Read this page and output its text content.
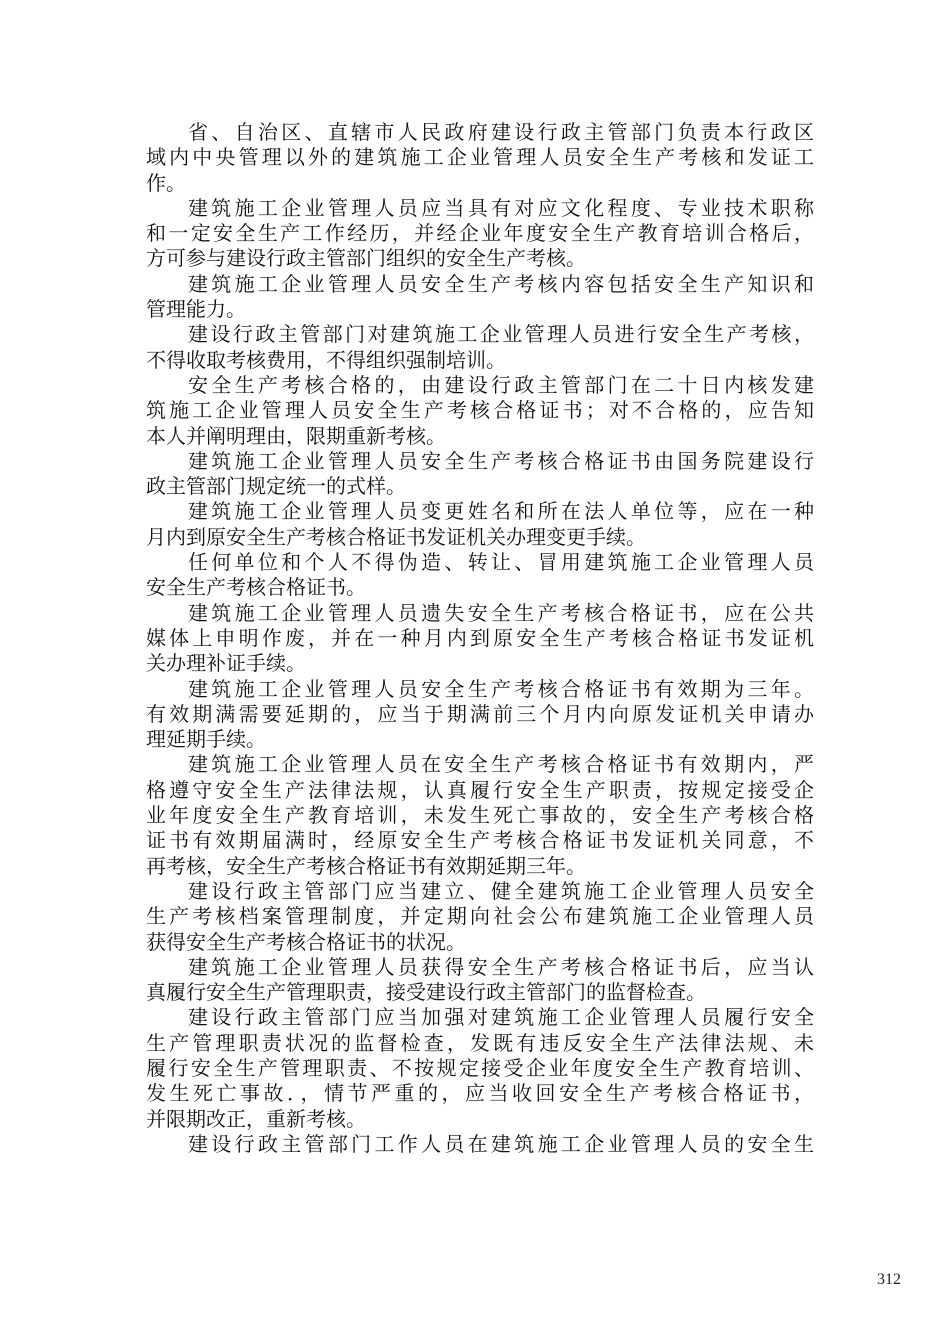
省、自治区、直辖市人民政府建设行政主管部门负责本行政区
域内中央管理以外的建筑施工企业管理人员安全生产考核和发证工
作。
建筑施工企业管理人员应当具有对应文化程度、专业技术职称
和一定安全生产工作经历，并经企业年度安全生产教育培训合格后，
方可参与建设行政主管部门组织的安全生产考核。
建筑施工企业管理人员安全生产考核内容包括安全生产知识和
管理能力。
建设行政主管部门对建筑施工企业管理人员进行安全生产考核，
不得收取考核费用，不得组织强制培训。
安全生产考核合格的，由建设行政主管部门在二十日内核发建
筑施工企业管理人员安全生产考核合格证书；对不合格的，应告知
本人并阐明理由，限期重新考核。
建筑施工企业管理人员安全生产考核合格证书由国务院建设行
政主管部门规定统一的式样。
建筑施工企业管理人员变更姓名和所在法人单位等，应在一种
月内到原安全生产考核合格证书发证机关办理变更手续。
任何单位和个人不得伪造、转让、冒用建筑施工企业管理人员
安全生产考核合格证书。
建筑施工企业管理人员遗失安全生产考核合格证书，应在公共
媒体上申明作废，并在一种月内到原安全生产考核合格证书发证机
关办理补证手续。
建筑施工企业管理人员安全生产考核合格证书有效期为三年。
有效期满需要延期的，应当于期满前三个月内向原发证机关申请办
理延期手续。
建筑施工企业管理人员在安全生产考核合格证书有效期内，严
格遵守安全生产法律法规，认真履行安全生产职责，按规定接受企
业年度安全生产教育培训，未发生死亡事故的，安全生产考核合格
证书有效期届满时，经原安全生产考核合格证书发证机关同意，不
再考核，安全生产考核合格证书有效期延期三年。
建设行政主管部门应当建立、健全建筑施工企业管理人员安全
生产考核档案管理制度，并定期向社会公布建筑施工企业管理人员
获得安全生产考核合格证书的状况。
建筑施工企业管理人员获得安全生产考核合格证书后，应当认
真履行安全生产管理职责，接受建设行政主管部门的监督检查。
建设行政主管部门应当加强对建筑施工企业管理人员履行安全
生产管理职责状况的监督检查，发既有违反安全生产法律法规、未
履行安全生产管理职责、不按规定接受企业年度安全生产教育培训、
发生死亡事故．，情节严重的，应当收回安全生产考核合格证书，
并限期改正，重新考核。
建设行政主管部门工作人员在建筑施工企业管理人员的安全生
312
